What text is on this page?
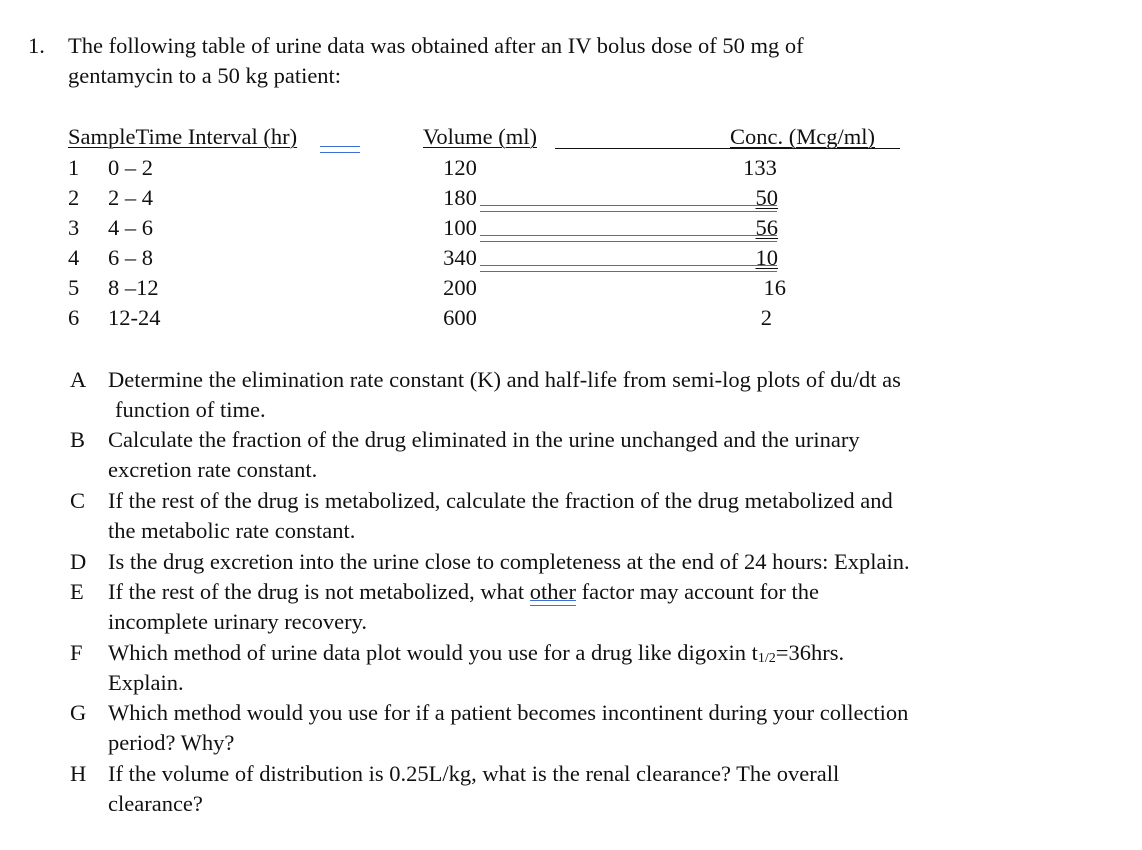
1. The following table of urine data was obtained after an IV bolus dose of 50 mg of
gentamycin to a 50 kg patient:
SampleTime Interval (hr)	Volume (ml)	Conc. (Mcg/ml)
1 0 – 2	120	133
2 2 – 4	180	50
3 4 – 6	100	56
4 6 – 8	340	10
5 8 –12	200	16
6 12-24	600	2
A Determine the elimination rate constant (K) and half-life from semi-log plots of du/dt as
function of time.
B Calculate the fraction of the drug eliminated in the urine unchanged and the urinary
excretion rate constant.
C If the rest of the drug is metabolized, calculate the fraction of the drug metabolized and
the metabolic rate constant.
D Is the drug excretion into the urine close to completeness at the end of 24 hours: Explain.
E If the rest of the drug is not metabolized, what other
factor may account for the
incomplete urinary recovery.
F Which method of urine data plot would you use for a drug like digoxin $t_{1/2}=36hrs$.
Explain.
G Which method would you use for if a patient becomes incontinent during your collection
period? Why?
H If the volume of distribution is 0.25L/kg, what is the renal clearance? The overall
clearance?
